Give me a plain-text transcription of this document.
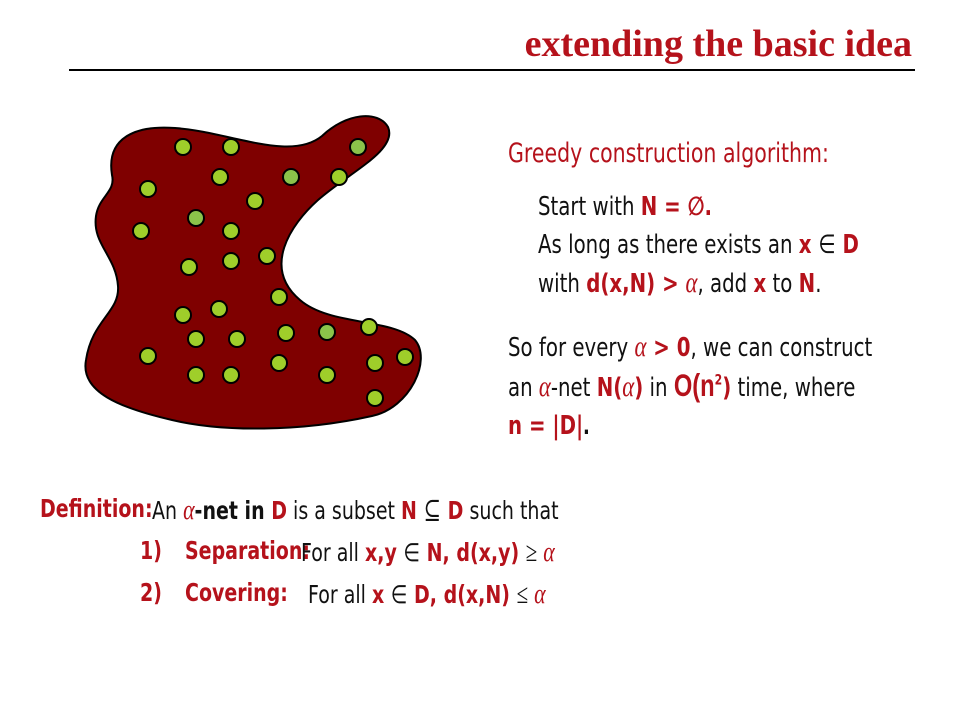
extending the basic idea
Greedy construction algorithm:
Start with N = ∅.
As long as there exists an x ∈ D
with d(x,N) > α, add x to N.
So for every α > 0, we can construct
an α-net N(α) in $O(n^2)$ time, where
n = |D|.
Definition: An α-net in D is a subset N ⊆ D such that
1) Separation:
For all x,y ∈ N, d(x,y) ≥ α
2) Covering: For all x ∈ D, d(x,N) ≤ α
